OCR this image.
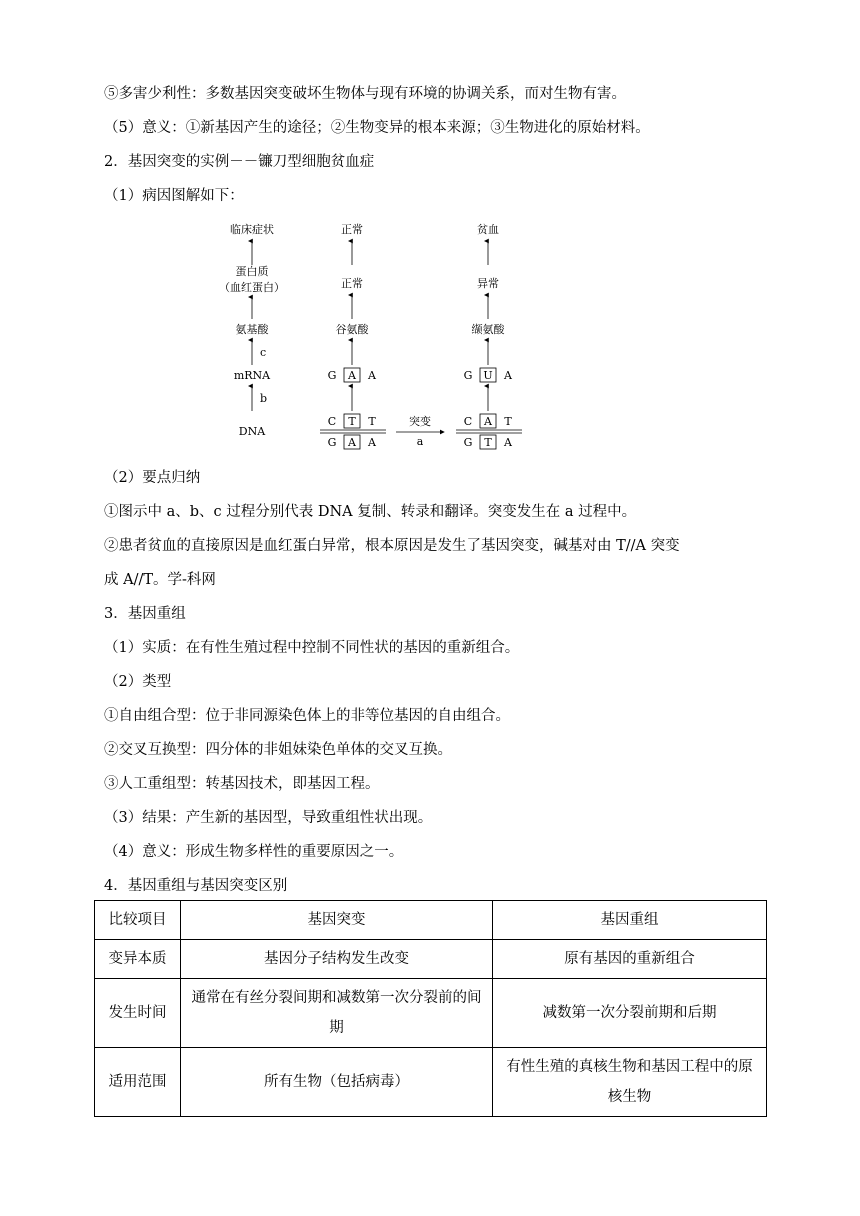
⑤多害少利性：多数基因突变破坏生物体与现有环境的协调关系，而对生物有害。
（5）意义：①新基因产生的途径；②生物变异的根本来源；③生物进化的原始材料。
2．基因突变的实例－－镰刀型细胞贫血症
（1）病因图解如下：
临床症状
蛋白质
（血红蛋白）
氨基酸
c
mRNA
b
DNA
正常
正常
谷氨酸
G A A
C T T
G A A
突变
a
贫血
异常
缬氨酸
G U A
C A T
G T A
（2）要点归纳
①图示中 a、b、c 过程分别代表 DNA 复制、转录和翻译。突变发生在 a 过程中。
②患者贫血的直接原因是血红蛋白异常，根本原因是发生了基因突变，碱基对由 T//A 突变
成 A//T。学-科网
3．基因重组
（1）实质：在有性生殖过程中控制不同性状的基因的重新组合。
（2）类型
①自由组合型：位于非同源染色体上的非等位基因的自由组合。
②交叉互换型：四分体的非姐妹染色单体的交叉互换。
③人工重组型：转基因技术，即基因工程。
（3）结果：产生新的基因型，导致重组性状出现。
（4）意义：形成生物多样性的重要原因之一。
4．基因重组与基因突变区别
比较项目	基因突变	基因重组
变异本质	基因分子结构发生改变	原有基因的重新组合
发生时间	通常在有丝分裂间期和减数第一次分裂前的间期	减数第一次分裂前期和后期
适用范围	所有生物（包括病毒）	有性生殖的真核生物和基因工程中的原核生物
